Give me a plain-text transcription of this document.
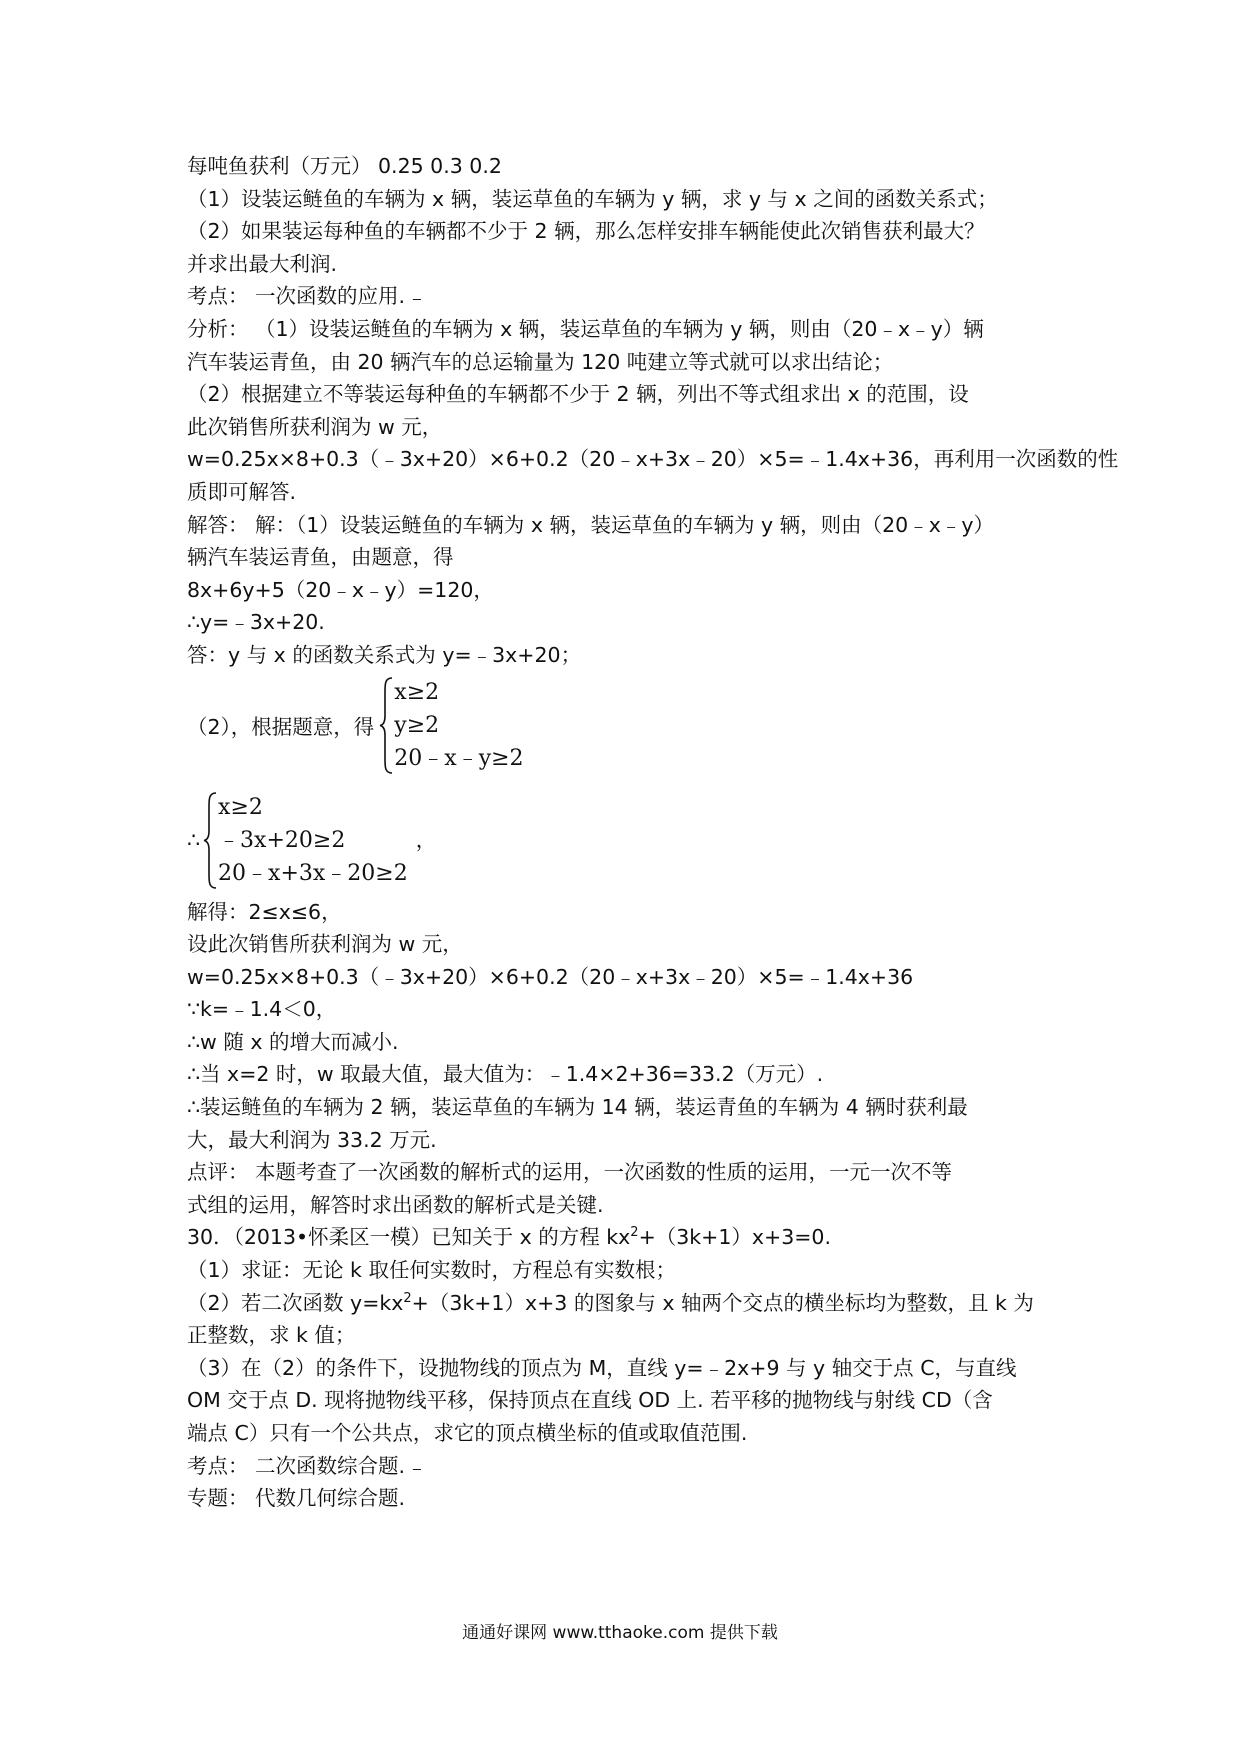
每吨鱼获利（万元） 0.25 0.3 0.2
（1）设装运鲢鱼的车辆为 x 辆，装运草鱼的车辆为 y 辆，求 y 与 x 之间的函数关系式；
（2）如果装运每种鱼的车辆都不少于 2 辆，那么怎样安排车辆能使此次销售获利最大？
并求出最大利润.
考点： 一次函数的应用. ₋
分析： （1）设装运鲢鱼的车辆为 x 辆，装运草鱼的车辆为 y 辆，则由（20﹣x﹣y）辆
汽车装运青鱼，由 20 辆汽车的总运输量为 120 吨建立等式就可以求出结论；
（2）根据建立不等装运每种鱼的车辆都不少于 2 辆，列出不等式组求出 x 的范围，设
此次销售所获利润为 w 元，
w=0.25x×8+0.3（﹣3x+20）×6+0.2（20﹣x+3x﹣20）×5=﹣1.4x+36，再利用一次函数的性
质即可解答.
解答： 解：（1）设装运鲢鱼的车辆为 x 辆，装运草鱼的车辆为 y 辆，则由（20﹣x﹣y）
辆汽车装运青鱼，由题意，得
8x+6y+5（20﹣x﹣y）=120，
∴y=﹣3x+20.
答：y 与 x 的函数关系式为 y=﹣3x+20；
（2），根据题意，得
x≥2
y≥2
20﹣x﹣y≥2
∴
x≥2
﹣3x+20≥2
20﹣x+3x﹣20≥2
，
解得：2≤x≤6，
设此次销售所获利润为 w 元，
w=0.25x×8+0.3（﹣3x+20）×6+0.2（20﹣x+3x﹣20）×5=﹣1.4x+36
∵k=﹣1.4＜0，
∴w 随 x 的增大而减小.
∴当 x=2 时，w 取最大值，最大值为：﹣1.4×2+36=33.2（万元）.
∴装运鲢鱼的车辆为 2 辆，装运草鱼的车辆为 14 辆，装运青鱼的车辆为 4 辆时获利最
大，最大利润为 33.2 万元.
点评： 本题考查了一次函数的解析式的运用，一次函数的性质的运用，一元一次不等
式组的运用，解答时求出函数的解析式是关键.
30．（2013•怀柔区一模）已知关于 x 的方程 $kx^2+(3k+1)x+3=0$.
（1）求证：无论 k 取任何实数时，方程总有实数根；
（2）若二次函数 $y=kx^2+(3k+1)x+3$ 的图象与 x 轴两个交点的横坐标均为整数，且 k 为
正整数，求 k 值；
（3）在（2）的条件下，设抛物线的顶点为 M，直线 y=﹣2x+9 与 y 轴交于点 C，与直线
OM 交于点 D. 现将抛物线平移，保持顶点在直线 OD 上. 若平移的抛物线与射线 CD（含
端点 C）只有一个公共点，求它的顶点横坐标的值或取值范围.
考点： 二次函数综合题. ₋
专题： 代数几何综合题.
通通好课网 www.tthaoke.com 提供下载
